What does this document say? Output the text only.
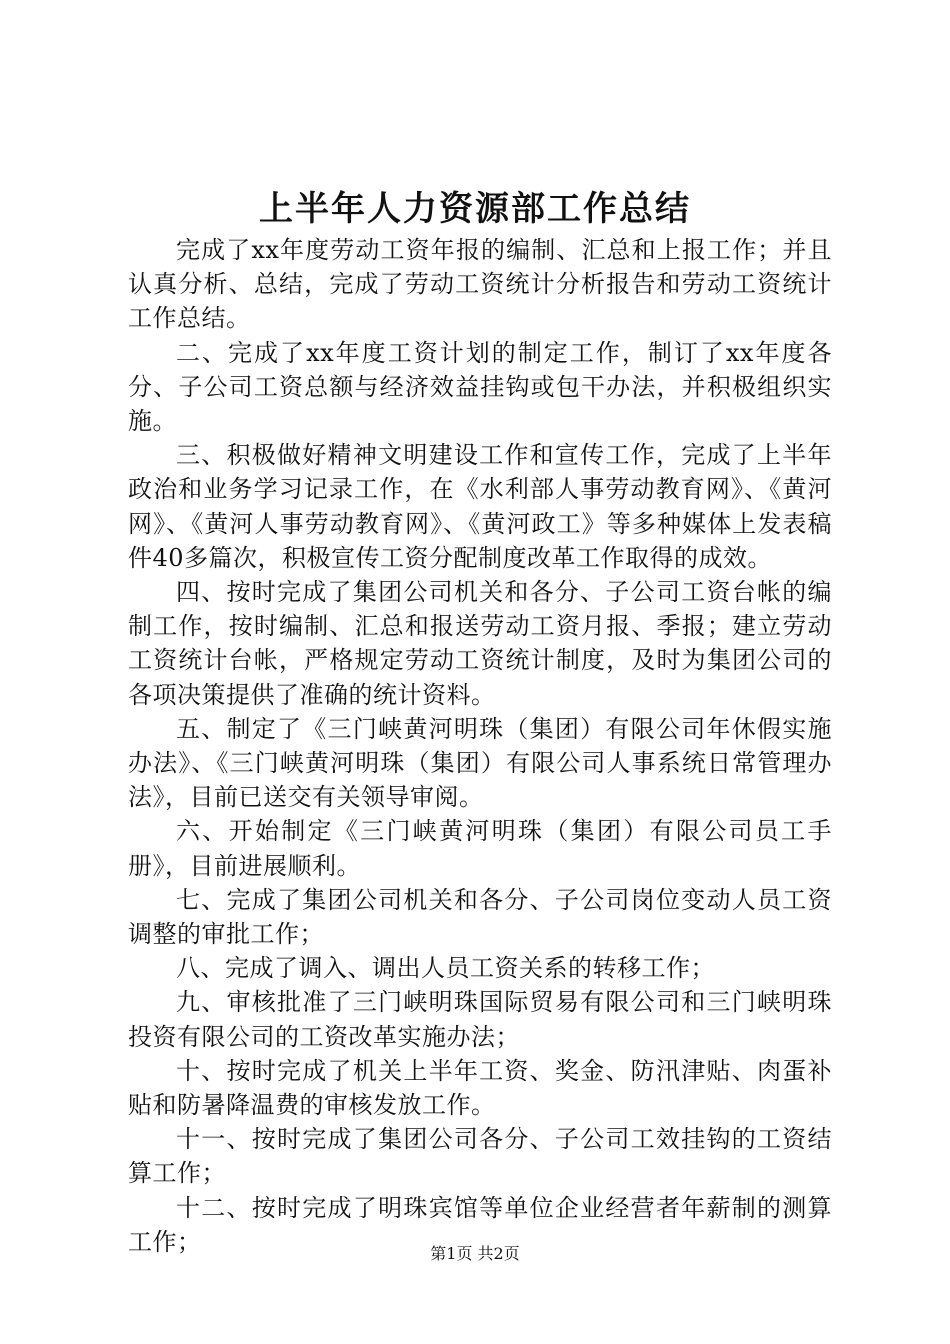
上半年人力资源部工作总结

完成了xx年度劳动工资年报的编制、汇总和上报工作；并且认真分析、总结，完成了劳动工资统计分析报告和劳动工资统计工作总结。

二、完成了xx年度工资计划的制定工作，制订了xx年度各分、子公司工资总额与经济效益挂钩或包干办法，并积极组织实施。

三、积极做好精神文明建设工作和宣传工作，完成了上半年政治和业务学习记录工作，在《水利部人事劳动教育网》、《黄河网》、《黄河人事劳动教育网》、《黄河政工》等多种媒体上发表稿件40多篇次，积极宣传工资分配制度改革工作取得的成效。

四、按时完成了集团公司机关和各分、子公司工资台帐的编制工作，按时编制、汇总和报送劳动工资月报、季报；建立劳动工资统计台帐，严格规定劳动工资统计制度，及时为集团公司的各项决策提供了准确的统计资料。

五、制定了《三门峡黄河明珠（集团）有限公司年休假实施办法》、《三门峡黄河明珠（集团）有限公司人事系统日常管理办法》，目前已送交有关领导审阅。

六、开始制定《三门峡黄河明珠（集团）有限公司员工手册》，目前进展顺利。

七、完成了集团公司机关和各分、子公司岗位变动人员工资调整的审批工作；

八、完成了调入、调出人员工资关系的转移工作；

九、审核批准了三门峡明珠国际贸易有限公司和三门峡明珠投资有限公司的工资改革实施办法；

十、按时完成了机关上半年工资、奖金、防汛津贴、肉蛋补贴和防暑降温费的审核发放工作。

十一、按时完成了集团公司各分、子公司工效挂钩的工资结算工作；

十二、按时完成了明珠宾馆等单位企业经营者年薪制的测算工作；	第1页 共2页
